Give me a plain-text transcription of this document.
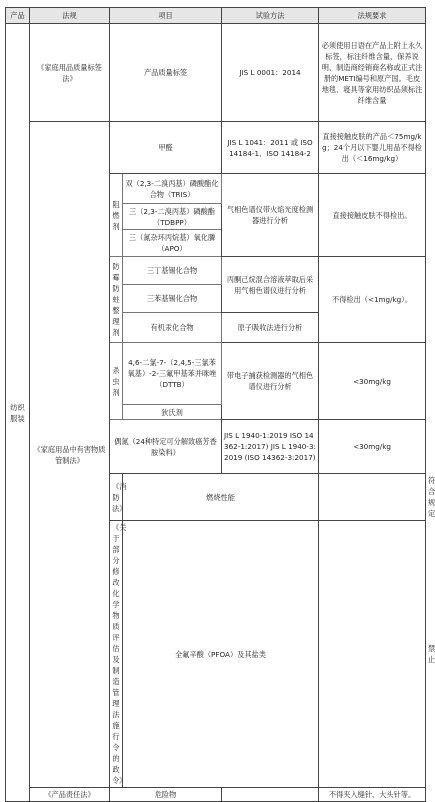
产品	法规	项目		试验方法	法规要求	
纺织服装	《家庭用品质量标签法》	产品质量标签		JIS L 0001：2014	必须使用日语在产品上附上永久标签，标注纤维含量、保养说明、制造商经销商名称或正式注册的METI编号和原产国。毛皮地毯、寝具等家用纺织品须标注纤维含量	
	《家庭用品中有害物质管制法》	甲醛		JIS L 1041：2011 或 ISO 14184-1、ISO 14184-2	直接接触皮肤的产品＜75mg/kg；24个月以下婴儿用品不得检出（＜16mg/kg）	

		阻燃剂	双（2,3-二溴丙基）磷酸酯化合物（TRIS）	气相色谱仪带火焰光度检测器进行分析	直接接触皮肤不得检出。	
			三（2,3-二溴丙基）磷酸酯（TDBPP）			
			三（氮杂环丙烷基）氧化膦（APO）			

		防霉防蛀整理剂	三丁基锡化合物	丙酮己烷混合溶液萃取后采用气相色谱仪进行分析	不得检出（<1mg/kg）。	
			三苯基锡化合物			
			有机汞化合物	原子吸收法进行分析		

		杀虫剂	4,6-二氯-7-（2,4,5-三氯苯氧基）-2-三氟甲基苯并咪唑（DTTB）	带电子捕获检测器的气相色谱仪进行分析	<30mg/kg	
			狄氏剂			
		偶氮（24种特定可分解致癌芳香胺染料）		JIS L 1940-1:2019 ISO 14362-1:2017) JIS L 1940-3:2019 (ISO 14362-3:2017)	<30mg/kg	
		《消防法》	燃烧性能			符合规定
		《关于部分修改化学物质评估及制造管理法施行令的政令》	全氟辛酸（PFOA）及其盐类			禁止
	《产品责任法》	危险物			不得夹入缝针、大头针等。	
